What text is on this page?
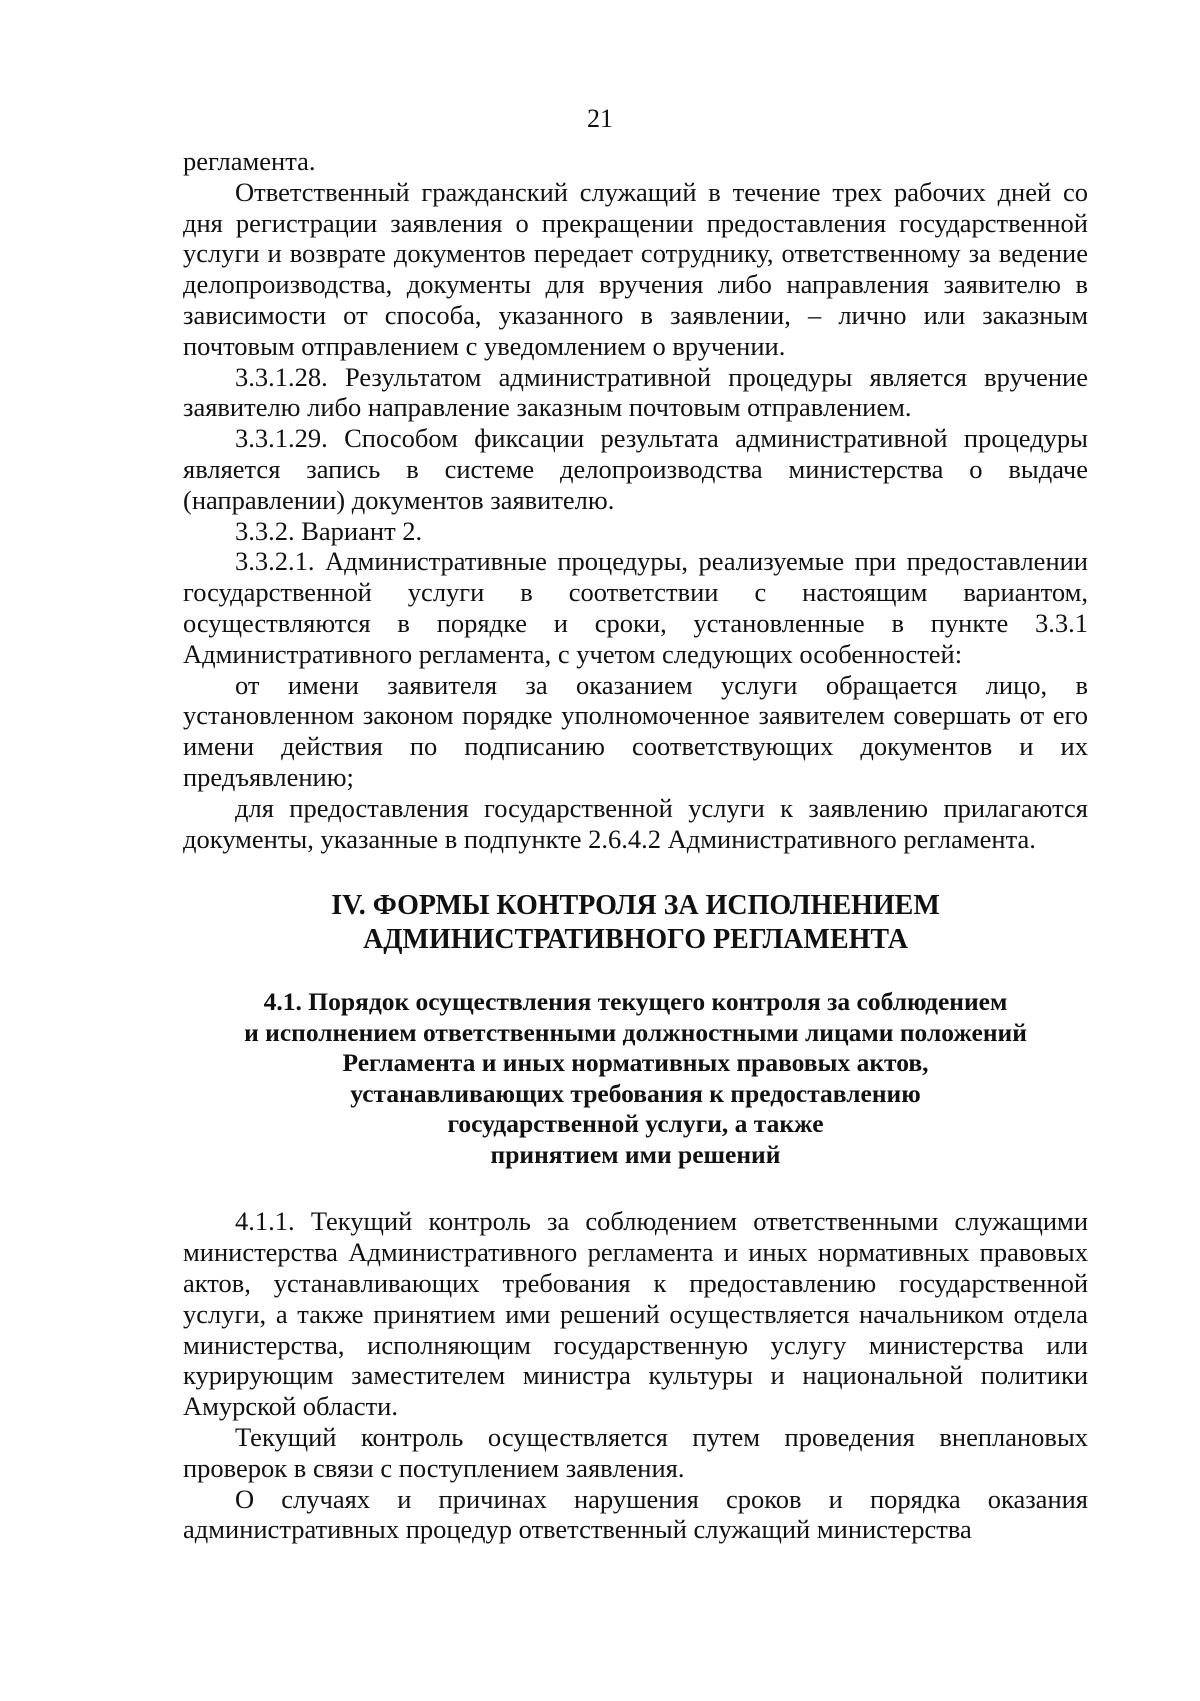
21

регламента.

Ответственный гражданский служащий в течение трех рабочих дней со дня регистрации заявления о прекращении предоставления государственной услуги и возврате документов передает сотруднику, ответственному за ведение делопроизводства, документы для вручения либо направления заявителю в зависимости от способа, указанного в заявлении, – лично или заказным почтовым отправлением с уведомлением о вручении.

3.3.1.28. Результатом административной процедуры является вручение заявителю либо направление заказным почтовым отправлением.

3.3.1.29. Способом фиксации результата административной процедуры является запись в системе делопроизводства министерства о выдаче (направлении) документов заявителю.

3.3.2. Вариант 2.

3.3.2.1. Административные процедуры, реализуемые при предоставлении государственной услуги в соответствии с настоящим вариантом, осуществляются в порядке и сроки, установленные в пункте 3.3.1 Административного регламента, с учетом следующих особенностей:

от имени заявителя за оказанием услуги обращается лицо, в установленном законом порядке уполномоченное заявителем совершать от его имени действия по подписанию соответствующих документов и их предъявлению;

для предоставления государственной услуги к заявлению прилагаются документы, указанные в подпункте 2.6.4.2 Административного регламента.

IV. ФОРМЫ КОНТРОЛЯ ЗА ИСПОЛНЕНИЕМ
АДМИНИСТРАТИВНОГО РЕГЛАМЕНТА
4.1. Порядок осуществления текущего контроля за соблюдением
и исполнением ответственными должностными лицами положений
Регламента и иных нормативных правовых актов,
устанавливающих требования к предоставлению
государственной услуги, а также
принятием ими решений

4.1.1. Текущий контроль за соблюдением ответственными служащими министерства Административного регламента и иных нормативных правовых актов, устанавливающих требования к предоставлению государственной услуги, а также принятием ими решений осуществляется начальником отдела министерства, исполняющим государственную услугу министерства или курирующим заместителем министра культуры и национальной политики Амурской области.

Текущий контроль осуществляется путем проведения внеплановых проверок в связи с поступлением заявления.

О случаях и причинах нарушения сроков и порядка оказания административных процедур ответственный служащий министерства
